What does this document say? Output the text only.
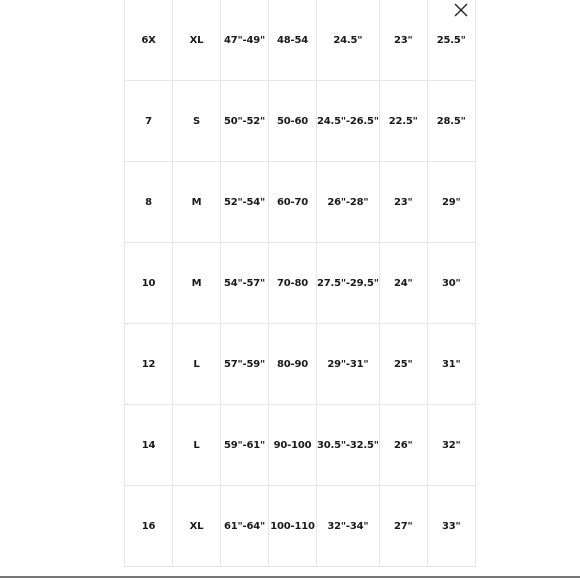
6X	XL	47"-49"	48-54	24.5"	23"	25.5"
7	S	50"-52"	50-60	24.5"-26.5"	22.5"	28.5"
8	M	52"-54"	60-70	26"-28"	23"	29"
10	M	54"-57"	70-80	27.5"-29.5"	24"	30"
12	L	57"-59"	80-90	29"-31"	25"	31"
14	L	59"-61"	90-100	30.5"-32.5"	26"	32"
16	XL	61"-64"	100-110	32"-34"	27"	33"
